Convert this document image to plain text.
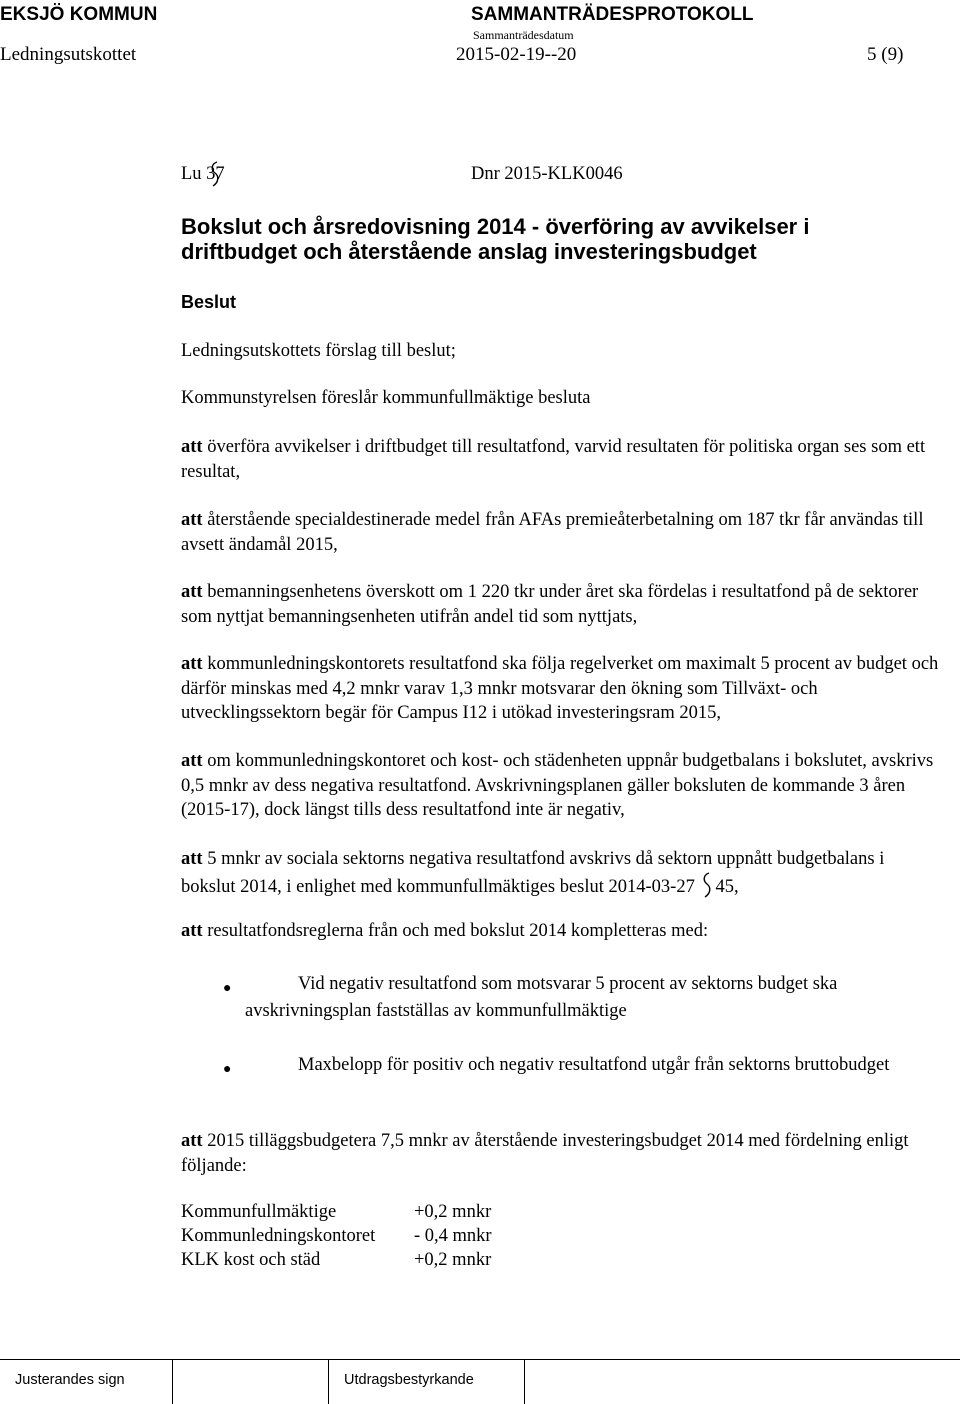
EKSJÖ KOMMUN	SAMMANTRÄDESPROTOKOLL
Sammanträdesdatum
Ledningsutskottet	2015-02-19--20	5 (9)
Lu 37	Dnr 2015-KLK0046
Bokslut och årsredovisning 2014 - överföring av avvikelser i
driftbudget och återstående anslag investeringsbudget
Beslut
Ledningsutskottets förslag till beslut;
Kommunstyrelsen föreslår kommunfullmäktige besluta
att överföra avvikelser i driftbudget till resultatfond, varvid resultaten för politiska organ ses som ett resultat,
att återstående specialdestinerade medel från AFAs premieåterbetalning om 187 tkr får användas till avsett ändamål 2015,
att bemanningsenhetens överskott om 1 220 tkr under året ska fördelas i resultatfond på de sektorer som nyttjat bemanningsenheten utifrån andel tid som nyttjats,
att kommunledningskontorets resultatfond ska följa regelverket om maximalt 5 procent av budget och därför minskas med 4,2 mnkr varav 1,3 mnkr motsvarar den ökning som Tillväxt- och utvecklingssektorn begär för Campus I12 i utökad investeringsram 2015,
att om kommunledningskontoret och kost- och städenheten uppnår budgetbalans i bokslutet, avskrivs 0,5 mnkr av dess negativa resultatfond. Avskrivningsplanen gäller boksluten de kommande 3 åren (2015-17), dock längst tills dess resultatfond inte är negativ,
att 5 mnkr av sociala sektorns negativa resultatfond avskrivs då sektorn uppnått budgetbalans i bokslut 2014, i enlighet med kommunfullmäktiges beslut 2014-03-27 45,
att resultatfondsreglerna från och med bokslut 2014 kompletteras med:
●	Vid negativ resultatfond som motsvarar 5 procent av sektorns budget ska avskrivningsplan fastställas av kommunfullmäktige
●	Maxbelopp för positiv och negativ resultatfond utgår från sektorns bruttobudget
att 2015 tilläggsbudgetera 7,5 mnkr av återstående investeringsbudget 2014 med fördelning enligt följande:
Kommunfullmäktige	+0,2 mnkr
Kommunledningskontoret - 0,4 mnkr
KLK kost och städ	+0,2 mnkr
Justerandes sign	Utdragsbestyrkande
